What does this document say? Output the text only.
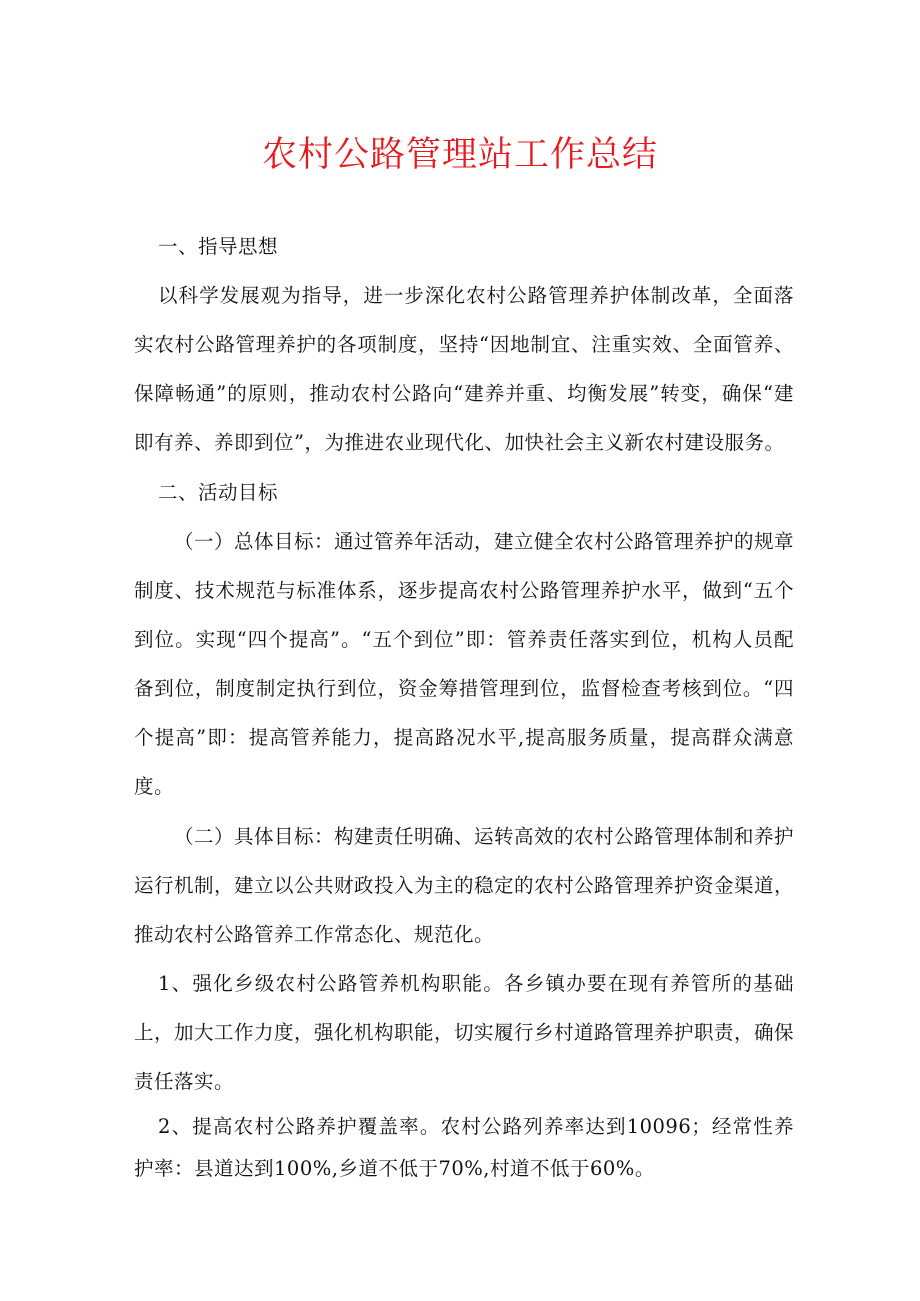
农村公路管理站工作总结

一、指导思想

以科学发展观为指导，进一步深化农村公路管理养护体制改革，全面落实农村公路管理养护的各项制度，坚持“因地制宜、注重实效、全面管养、保障畅通”的原则，推动农村公路向“建养并重、均衡发展”转变，确保“建即有养、养即到位”，为推进农业现代化、加快社会主义新农村建设服务。

二、活动目标

（一）总体目标：通过管养年活动，建立健全农村公路管理养护的规章制度、技术规范与标准体系，逐步提高农村公路管理养护水平，做到“五个到位。实现“四个提高”。“五个到位”即：管养责任落实到位，机构人员配备到位，制度制定执行到位，资金筹措管理到位，监督检查考核到位。“四个提高”即：提高管养能力，提高路况水平,提高服务质量，提高群众满意度。

（二）具体目标：构建责任明确、运转高效的农村公路管理体制和养护运行机制，建立以公共财政投入为主的稳定的农村公路管理养护资金渠道，推动农村公路管养工作常态化、规范化。

1、强化乡级农村公路管养机构职能。各乡镇办要在现有养管所的基础上，加大工作力度，强化机构职能，切实履行乡村道路管理养护职责，确保责任落实。

2、提高农村公路养护覆盖率。农村公路列养率达到10096；经常性养护率：县道达到100%,乡道不低于70%,村道不低于60%。
